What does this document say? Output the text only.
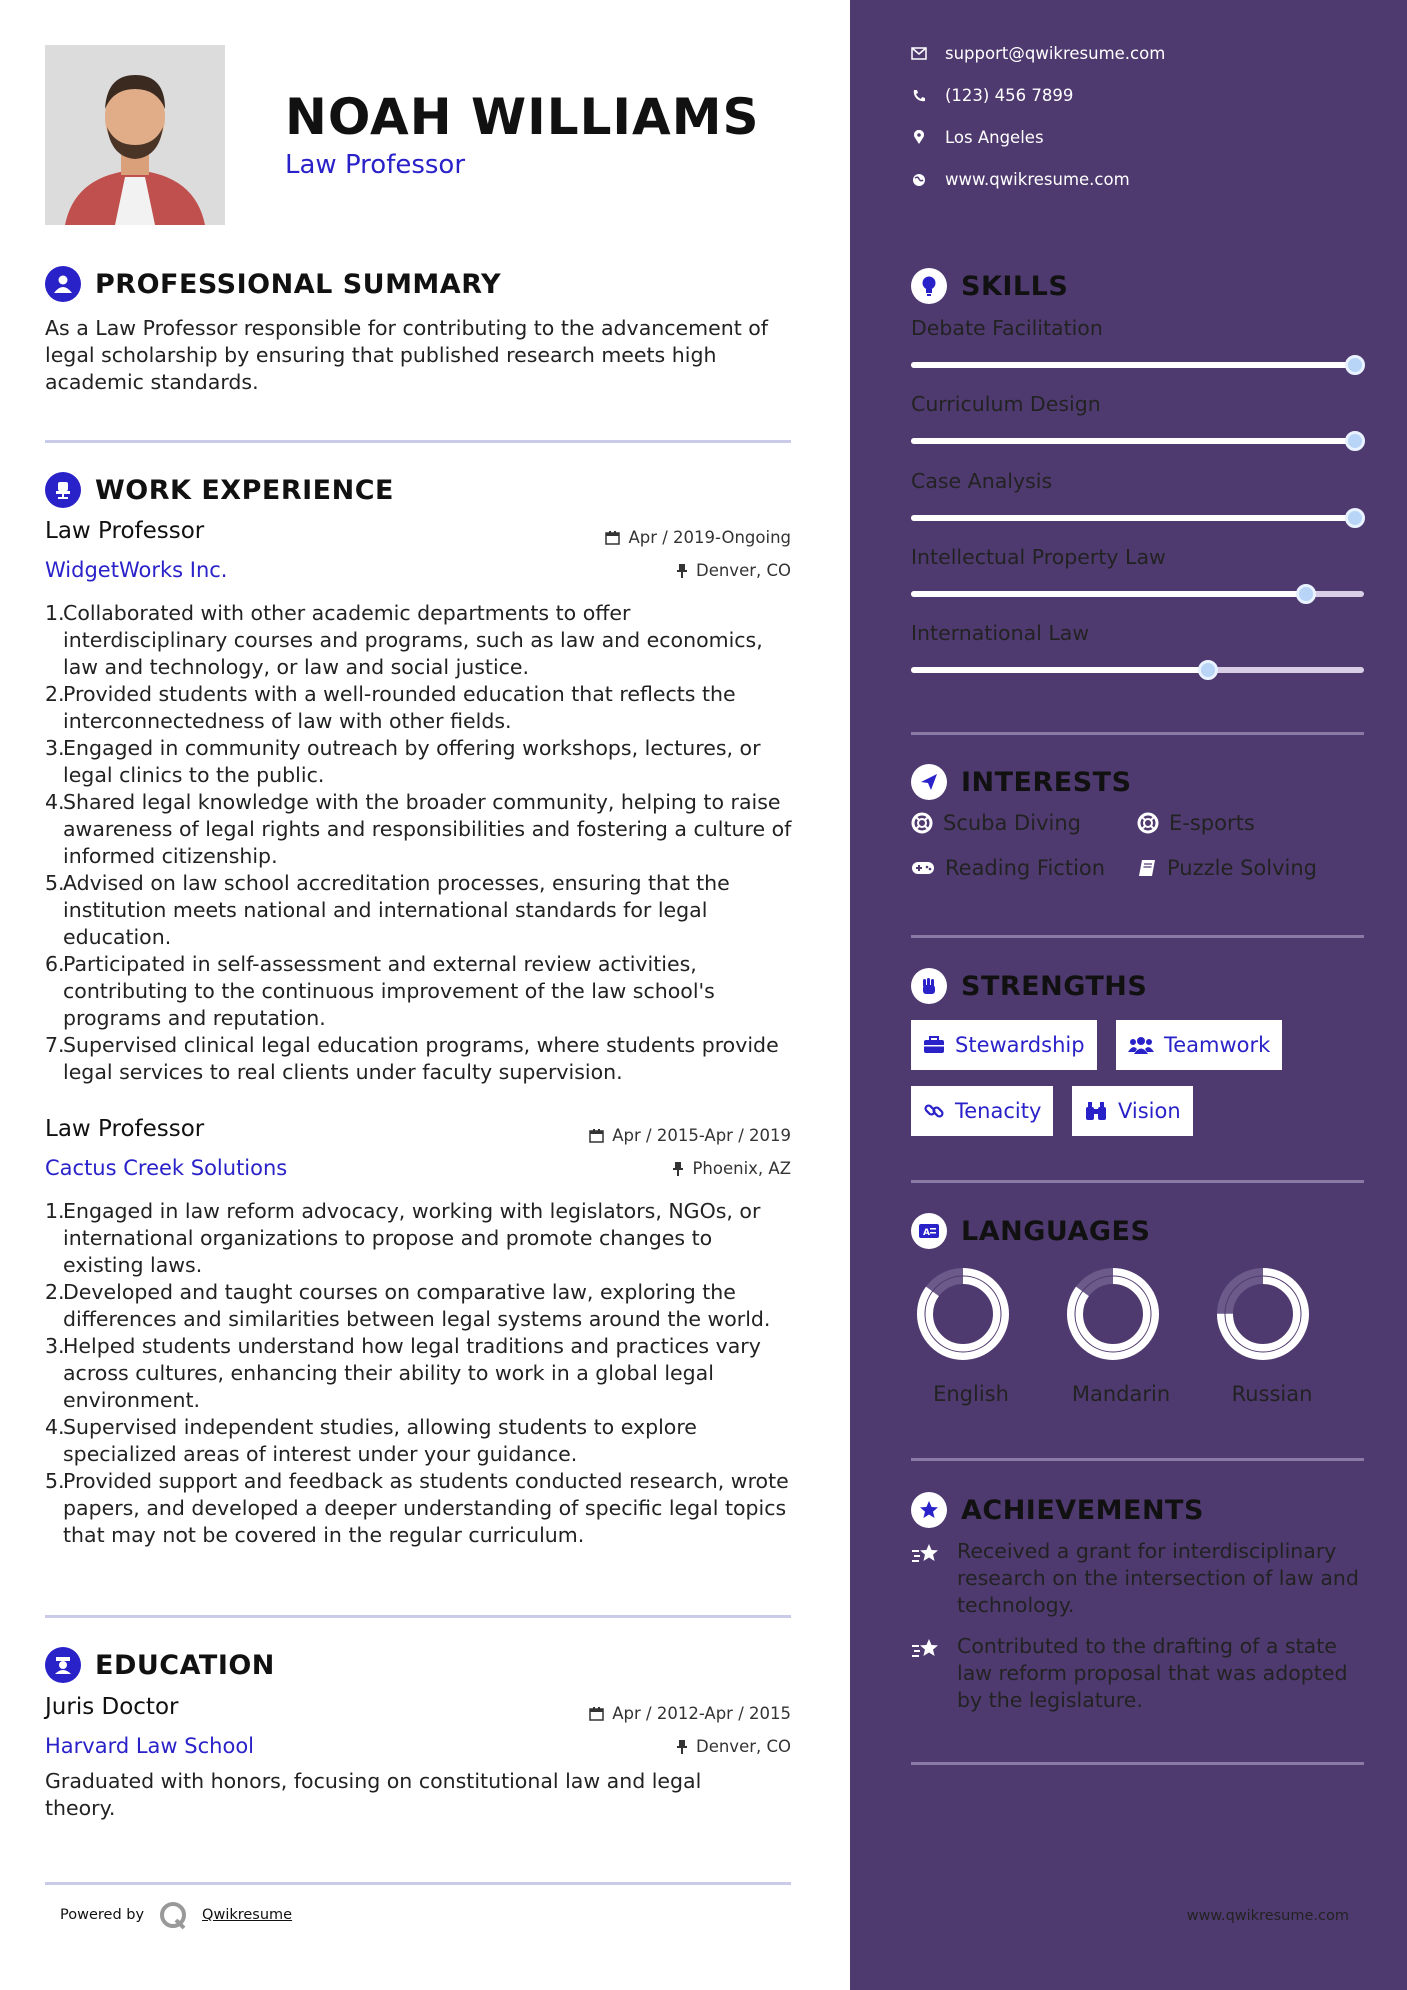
NOAH WILLIAMS
Law Professor
PROFESSIONAL SUMMARY
As a Law Professor responsible for contributing to the advancement of legal scholarship by ensuring that published research meets high academic standards.
WORK EXPERIENCE
Law Professor
WidgetWorks Inc.
Apr / 2019-Ongoing
Denver, CO
1.
Collaborated with other academic departments to offer interdisciplinary courses and programs, such as law and economics, law and technology, or law and social justice.
2.
Provided students with a well-rounded education that reflects the interconnectedness of law with other fields.
3.
Engaged in community outreach by offering workshops, lectures, or legal clinics to the public.
4.
Shared legal knowledge with the broader community, helping to raise awareness of legal rights and responsibilities and fostering a culture of informed citizenship.
5.
Advised on law school accreditation processes, ensuring that the institution meets national and international standards for legal education.
6.
Participated in self-assessment and external review activities, contributing to the continuous improvement of the law school's programs and reputation.
7.
Supervised clinical legal education programs, where students provide legal services to real clients under faculty supervision.
Law Professor
Cactus Creek Solutions
Apr / 2015-Apr / 2019
Phoenix, AZ
1.
Engaged in law reform advocacy, working with legislators, NGOs, or international organizations to propose and promote changes to existing laws.
2.
Developed and taught courses on comparative law, exploring the differences and similarities between legal systems around the world.
3.
Helped students understand how legal traditions and practices vary across cultures, enhancing their ability to work in a global legal environment.
4.
Supervised independent studies, allowing students to explore specialized areas of interest under your guidance.
5.
Provided support and feedback as students conducted research, wrote papers, and developed a deeper understanding of specific legal topics that may not be covered in the regular curriculum.
EDUCATION
Juris Doctor
Harvard Law School
Apr / 2012-Apr / 2015
Denver, CO
Graduated with honors, focusing on constitutional law and legal theory.
Powered by	Qwikresume
support@qwikresume.com
(123) 456 7899
Los Angeles
www.qwikresume.com
SKILLS
Debate Facilitation
Curriculum Design
Case Analysis
Intellectual Property Law
International Law
INTERESTS
Scuba Diving	E-sports
Reading Fiction	Puzzle Solving
STRENGTHS
Stewardship	Teamwork
Tenacity	Vision
A LANGUAGES
English	Mandarin	Russian
ACHIEVEMENTS
Received a grant for interdisciplinary research on the intersection of law and technology.
Contributed to the drafting of a state law reform proposal that was adopted by the legislature.
www.qwikresume.com
